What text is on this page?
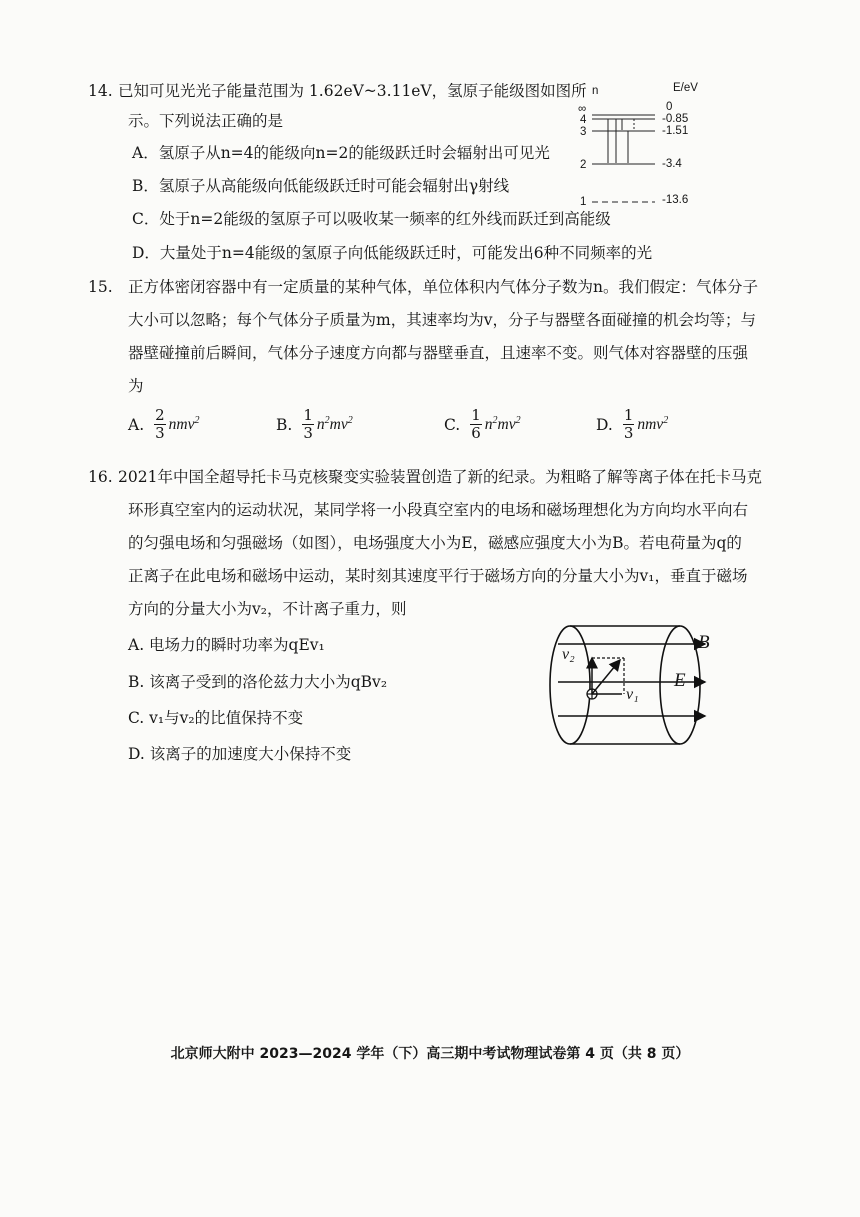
14. 已知可见光光子能量范围为 1.62eV~3.11eV，氢原子能级图如图所
示。下列说法正确的是
A．氢原子从n=4的能级向n=2的能级跃迁时会辐射出可见光
B．氢原子从高能级向低能级跃迁时可能会辐射出γ射线
C．处于n=2能级的氢原子可以吸收某一频率的红外线而跃迁到高能级
D．大量处于n=4能级的氢原子向低能级跃迁时，可能发出6种不同频率的光
n	E/eV
∞	0
4	-0.85
3	-1.51
2	-3.4
1	-13.6
15. 正方体密闭容器中有一定质量的某种气体，单位体积内气体分子数为n。我们假定：气体分子
大小可以忽略；每个气体分子质量为m，其速率均为v，分子与器壁各面碰撞的机会均等；与
器壁碰撞前后瞬间，气体分子速度方向都与器壁垂直，且速率不变。则气体对容器壁的压强
为
A. $\frac{2}{3} nmv^2$	B. $\frac{1}{3} n^2mv^2$	C. $\frac{1}{6} n^2mv^2$	D. $\frac{1}{3} nmv^2$
16. 2021年中国全超导托卡马克核聚变实验装置创造了新的纪录。为粗略了解等离子体在托卡马克
环形真空室内的运动状况，某同学将一小段真空室内的电场和磁场理想化为方向均水平向右
的匀强电场和匀强磁场（如图），电场强度大小为E，磁感应强度大小为B。若电荷量为q的
正离子在此电场和磁场中运动，某时刻其速度平行于磁场方向的分量大小为v₁，垂直于磁场
方向的分量大小为v₂，不计离子重力，则
A. 电场力的瞬时功率为qEv₁
B. 该离子受到的洛伦兹力大小为qBv₂
C. v₁与v₂的比值保持不变
D. 该离子的加速度大小保持不变
B
E
v₂
v₁
北京师大附中 2023—2024 学年（下）高三期中考试物理试卷第 4 页（共 8 页）
